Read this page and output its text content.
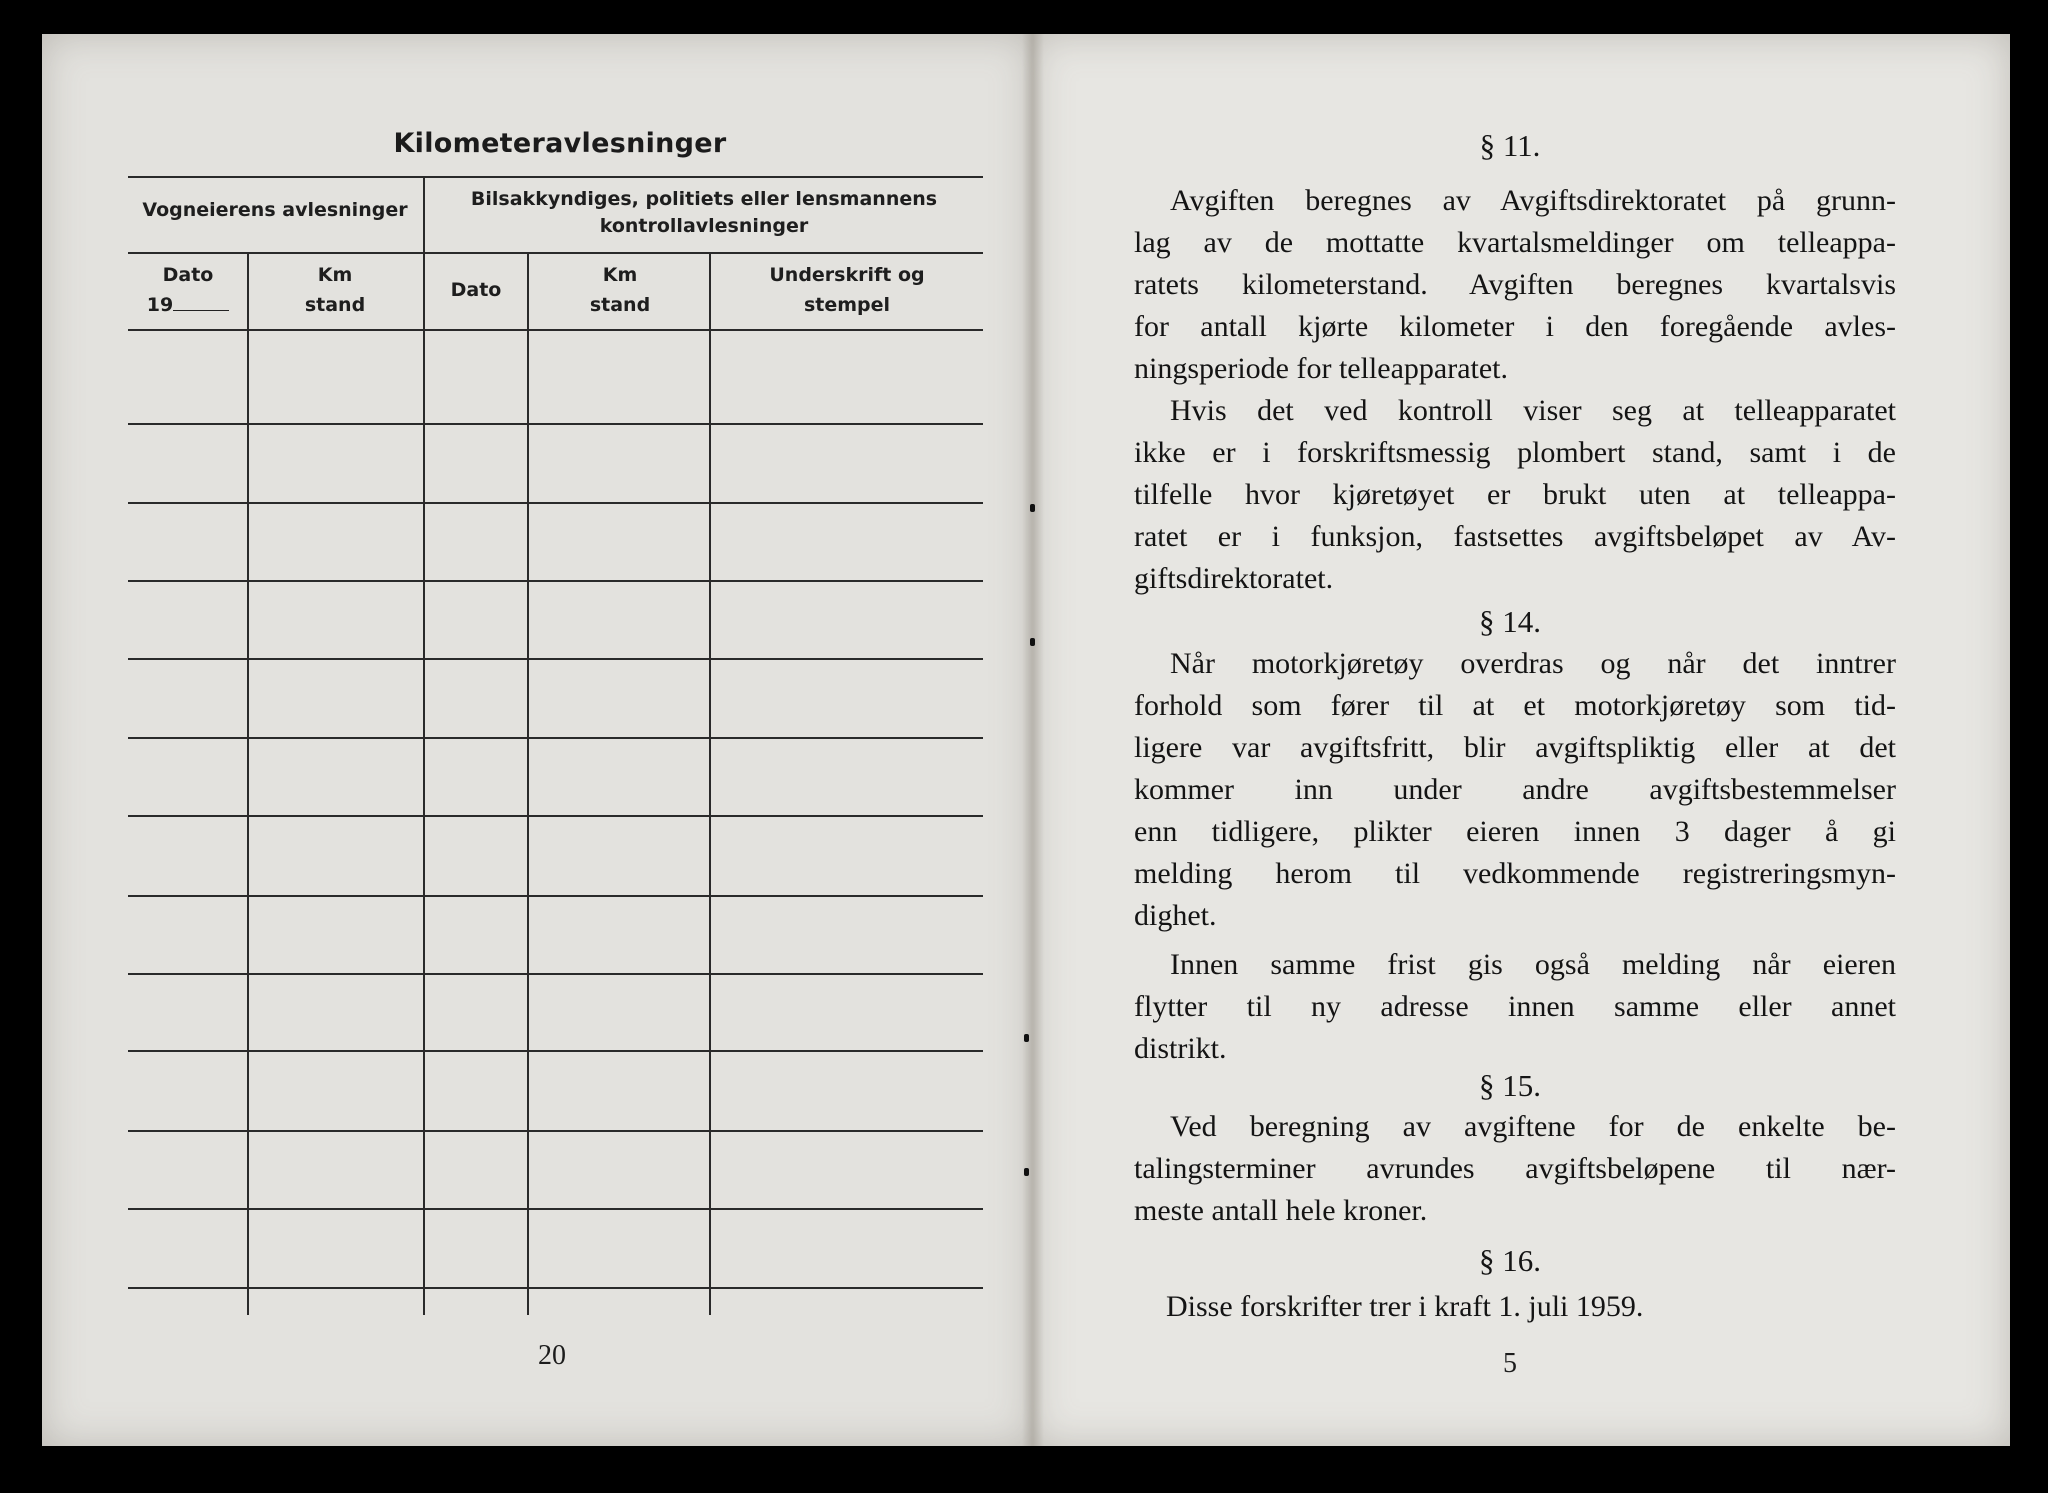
Kilometeravlesninger
Vogneierens avlesninger	Bilsakkyndiges, politiets eller lensmannens
kontrollavlesninger
Dato
19
Km
stand
Dato
Km
stand
Underskrift og
stempel
20
§ 11.
Avgiften beregnes av Avgiftsdirektoratet på grunn-
lag av de mottatte kvartalsmeldinger om telleappa-
ratets kilometerstand. Avgiften beregnes kvartalsvis
for antall kjørte kilometer i den foregående avles-
ningsperiode for telleapparatet.
Hvis det ved kontroll viser seg at telleapparatet
ikke er i forskriftsmessig plombert stand, samt i de
tilfelle hvor kjøretøyet er brukt uten at telleappa-
ratet er i funksjon, fastsettes avgiftsbeløpet av Av-
giftsdirektoratet.
§ 14.
Når motorkjøretøy overdras og når det inntrer
forhold som fører til at et motorkjøretøy som tid-
ligere var avgiftsfritt, blir avgiftspliktig eller at det
kommer inn under andre avgiftsbestemmelser
enn tidligere, plikter eieren innen 3 dager å gi
melding herom til vedkommende registreringsmyn-
dighet.
Innen samme frist gis også melding når eieren
flytter til ny adresse innen samme eller annet
distrikt.
§ 15.
Ved beregning av avgiftene for de enkelte be-
talingsterminer avrundes avgiftsbeløpene til nær-
meste antall hele kroner.
§ 16.
Disse forskrifter trer i kraft 1. juli 1959.
5
